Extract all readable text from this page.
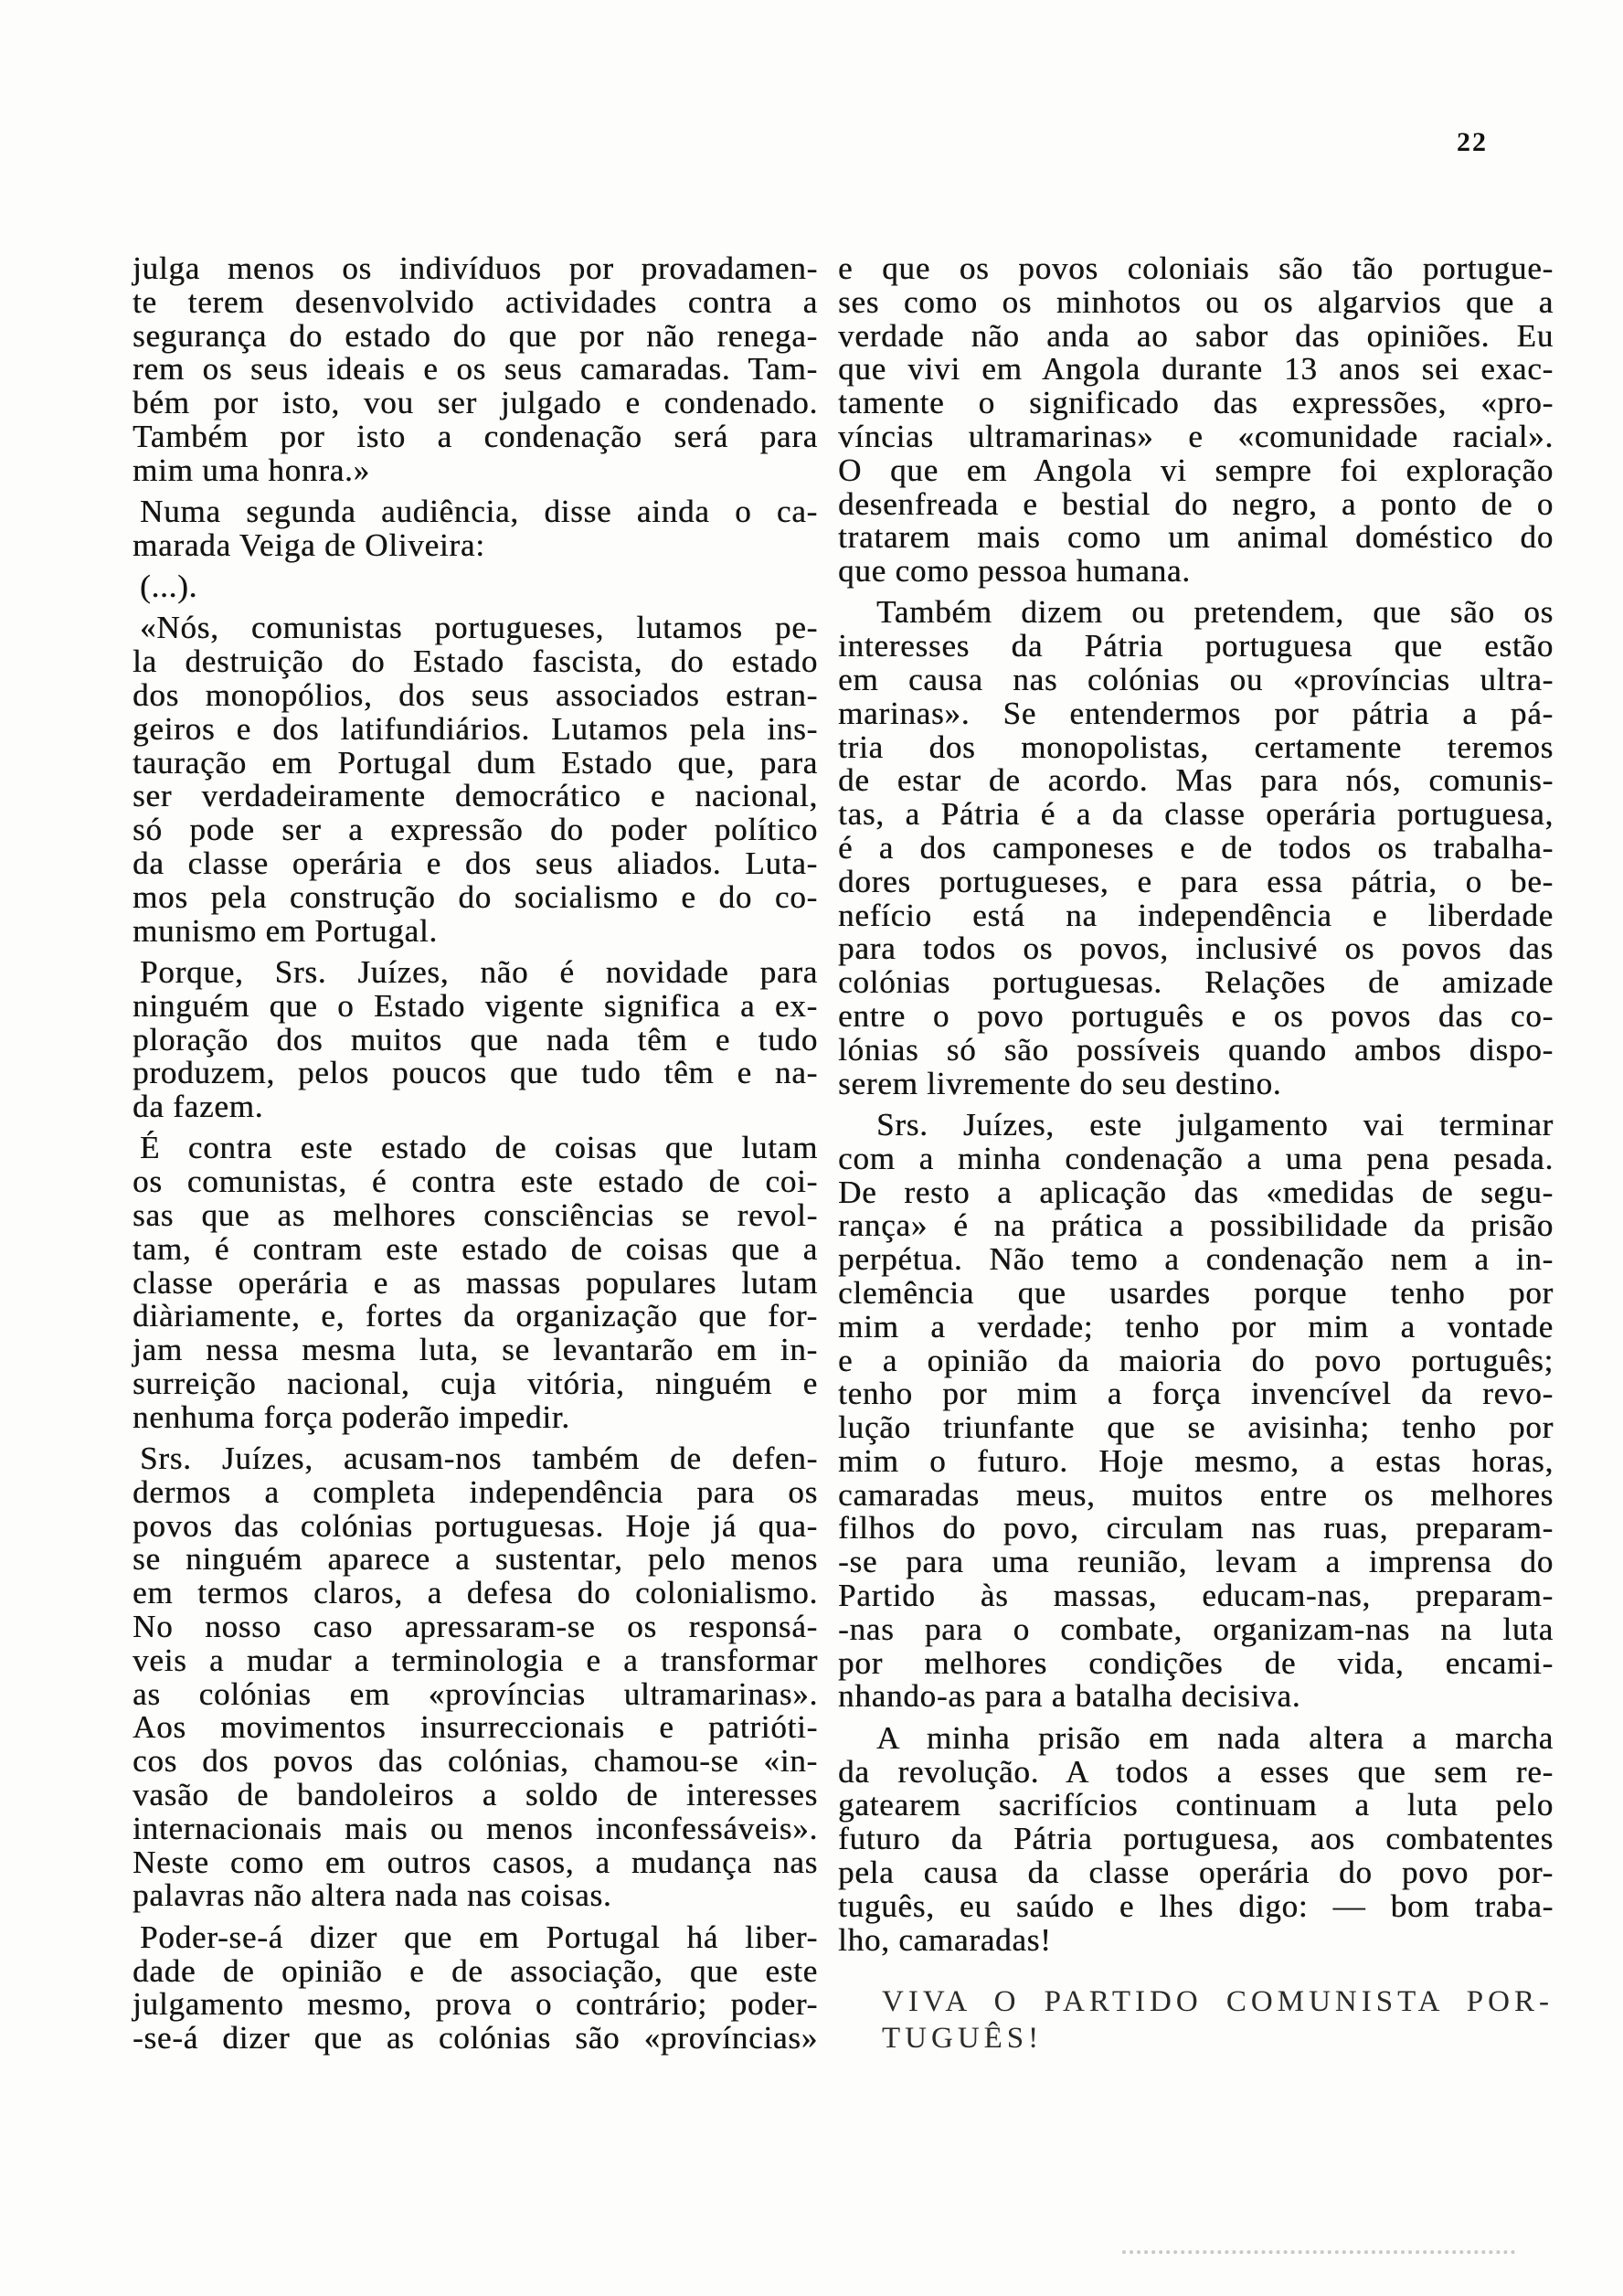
22
julga menos os indivíduos por provadamen-
te terem desenvolvido actividades contra a
segurança do estado do que por não renega-
rem os seus ideais e os seus camaradas. Tam-
bém por isto, vou ser julgado e condenado.
Também por isto a condenação será para
mim uma honra.»
Numa segunda audiência, disse ainda o ca-
marada Veiga de Oliveira:
(...).
«Nós, comunistas portugueses, lutamos pe-
la destruição do Estado fascista, do estado
dos monopólios, dos seus associados estran-
geiros e dos latifundiários. Lutamos pela ins-
tauração em Portugal dum Estado que, para
ser verdadeiramente democrático e nacional,
só pode ser a expressão do poder político
da classe operária e dos seus aliados. Luta-
mos pela construção do socialismo e do co-
munismo em Portugal.
Porque, Srs. Juízes, não é novidade para
ninguém que o Estado vigente significa a ex-
ploração dos muitos que nada têm e tudo
produzem, pelos poucos que tudo têm e na-
da fazem.
É contra este estado de coisas que lutam
os comunistas, é contra este estado de coi-
sas que as melhores consciências se revol-
tam, é contram este estado de coisas que a
classe operária e as massas populares lutam
diàriamente, e, fortes da organização que for-
jam nessa mesma luta, se levantarão em in-
surreição nacional, cuja vitória, ninguém e
nenhuma força poderão impedir.
Srs. Juízes, acusam-nos também de defen-
dermos a completa independência para os
povos das colónias portuguesas. Hoje já qua-
se ninguém aparece a sustentar, pelo menos
em termos claros, a defesa do colonialismo.
No nosso caso apressaram-se os responsá-
veis a mudar a terminologia e a transformar
as colónias em «províncias ultramarinas».
Aos movimentos insurreccionais e patrióti-
cos dos povos das colónias, chamou-se «in-
vasão de bandoleiros a soldo de interesses
internacionais mais ou menos inconfessáveis».
Neste como em outros casos, a mudança nas
palavras não altera nada nas coisas.
Poder-se-á dizer que em Portugal há liber-
dade de opinião e de associação, que este
julgamento mesmo, prova o contrário; poder-
-se-á dizer que as colónias são «províncias»
e que os povos coloniais são tão portugue-
ses como os minhotos ou os algarvios que a
verdade não anda ao sabor das opiniões. Eu
que vivi em Angola durante 13 anos sei exac-
tamente o significado das expressões, «pro-
víncias ultramarinas» e «comunidade racial».
O que em Angola vi sempre foi exploração
desenfreada e bestial do negro, a ponto de o
tratarem mais como um animal doméstico do
que como pessoa humana.
Também dizem ou pretendem, que são os
interesses da Pátria portuguesa que estão
em causa nas colónias ou «províncias ultra-
marinas». Se entendermos por pátria a pá-
tria dos monopolistas, certamente teremos
de estar de acordo. Mas para nós, comunis-
tas, a Pátria é a da classe operária portuguesa,
é a dos camponeses e de todos os trabalha-
dores portugueses, e para essa pátria, o be-
nefício está na independência e liberdade
para todos os povos, inclusivé os povos das
colónias portuguesas. Relações de amizade
entre o povo português e os povos das co-
lónias só são possíveis quando ambos dispo-
serem livremente do seu destino.
Srs. Juízes, este julgamento vai terminar
com a minha condenação a uma pena pesada.
De resto a aplicação das «medidas de segu-
rança» é na prática a possibilidade da prisão
perpétua. Não temo a condenação nem a in-
clemência que usardes porque tenho por
mim a verdade; tenho por mim a vontade
e a opinião da maioria do povo português;
tenho por mim a força invencível da revo-
lução triunfante que se avisinha; tenho por
mim o futuro. Hoje mesmo, a estas horas,
camaradas meus, muitos entre os melhores
filhos do povo, circulam nas ruas, preparam-
-se para uma reunião, levam a imprensa do
Partido às massas, educam-nas, preparam-
-nas para o combate, organizam-nas na luta
por melhores condições de vida, encami-
nhando-as para a batalha decisiva.
A minha prisão em nada altera a marcha
da revolução. A todos a esses que sem re-
gatearem sacrifícios continuam a luta pelo
futuro da Pátria portuguesa, aos combatentes
pela causa da classe operária do povo por-
tuguês, eu saúdo e lhes digo: — bom traba-
lho, camaradas!
VIVA O PARTIDO COMUNISTA POR-
TUGUÊS!
